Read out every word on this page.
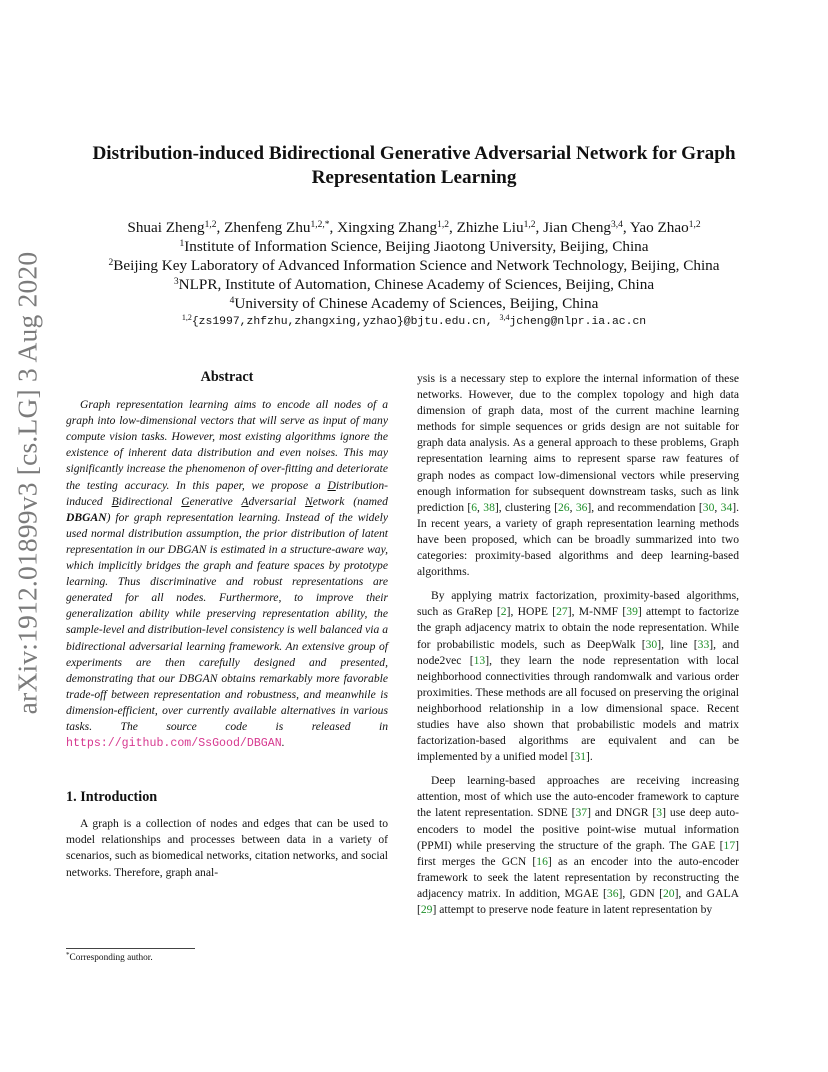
arXiv:1912.01899v3 [cs.LG] 3 Aug 2020
Distribution-induced Bidirectional Generative Adversarial Network for Graph
Representation Learning
Shuai Zheng$^{1,2}$, Zhenfeng Zhu$^{1,2,*}$, Xingxing Zhang$^{1,2}$, Zhizhe Liu$^{1,2}$, Jian Cheng$^{3,4}$, Yao Zhao$^{1,2}$
$^1$Institute of Information Science, Beijing Jiaotong University, Beijing, China
$^2$Beijing Key Laboratory of Advanced Information Science and Network Technology, Beijing, China
$^3$NLPR, Institute of Automation, Chinese Academy of Sciences, Beijing, China
$^4$University of Chinese Academy of Sciences, Beijing, China
$^{1,2}${zs1997,zhfzhu,zhangxing,yzhao}@bjtu.edu.cn, $^{3,4}$jcheng@nlpr.ia.ac.cn
Abstract

Graph representation learning aims to encode all nodes of a graph into low-dimensional vectors that will serve as input of many compute vision tasks. However, most existing algorithms ignore the existence of inherent data distribution and even noises. This may significantly increase the phenomenon of over-fitting and deteriorate the testing accuracy. In this paper, we propose a Distribution-induced Bidirectional Generative Adversarial Network (named DBGAN) for graph representation learning. Instead of the widely used normal distribution assumption, the prior distribution of latent representation in our DBGAN is estimated in a structure-aware way, which implicitly bridges the graph and feature spaces by prototype learning. Thus discriminative and robust representations are generated for all nodes. Furthermore, to improve their generalization ability while preserving representation ability, the sample-level and distribution-level consistency is well balanced via a bidirectional adversarial learning framework. An extensive group of experiments are then carefully designed and presented, demonstrating that our DBGAN obtains remarkably more favorable trade-off between representation and robustness, and meanwhile is dimension-efficient, over currently available alternatives in various tasks. The source code is released in https://github.com/SsGood/DBGAN.

1. Introduction

A graph is a collection of nodes and edges that can be used to model relationships and processes between data in a variety of scenarios, such as biomedical networks, citation networks, and social networks. Therefore, graph anal-

ysis is a necessary step to explore the internal information of these networks. However, due to the complex topology and high data dimension of graph data, most of the current machine learning methods for simple sequences or grids design are not suitable for graph data analysis. As a general approach to these problems, Graph representation learning aims to represent sparse raw features of graph nodes as compact low-dimensional vectors while preserving enough information for subsequent downstream tasks, such as link prediction [6, 38], clustering [26, 36], and recommendation [30, 34]. In recent years, a variety of graph representation learning methods have been proposed, which can be broadly summarized into two categories: proximity-based algorithms and deep learning-based algorithms.

By applying matrix factorization, proximity-based algorithms, such as GraRep [2], HOPE [27], M-NMF [39] attempt to factorize the graph adjacency matrix to obtain the node representation. While for probabilistic models, such as DeepWalk [30], line [33], and node2vec [13], they learn the node representation with local neighborhood connectivities through randomwalk and various order proximities. These methods are all focused on preserving the original neighborhood relationship in a low dimensional space. Recent studies have also shown that probabilistic models and matrix factorization-based algorithms are equivalent and can be implemented by a unified model [31].

Deep learning-based approaches are receiving increasing attention, most of which use the auto-encoder framework to capture the latent representation. SDNE [37] and DNGR [3] use deep auto-encoders to model the positive point-wise mutual information (PPMI) while preserving the structure of the graph. The GAE [17] first merges the GCN [16] as an encoder into the auto-encoder framework to seek the latent representation by reconstructing the adjacency matrix. In addition, MGAE [36], GDN [20], and GALA [29] attempt to preserve node feature in latent representation by

*Corresponding author.
